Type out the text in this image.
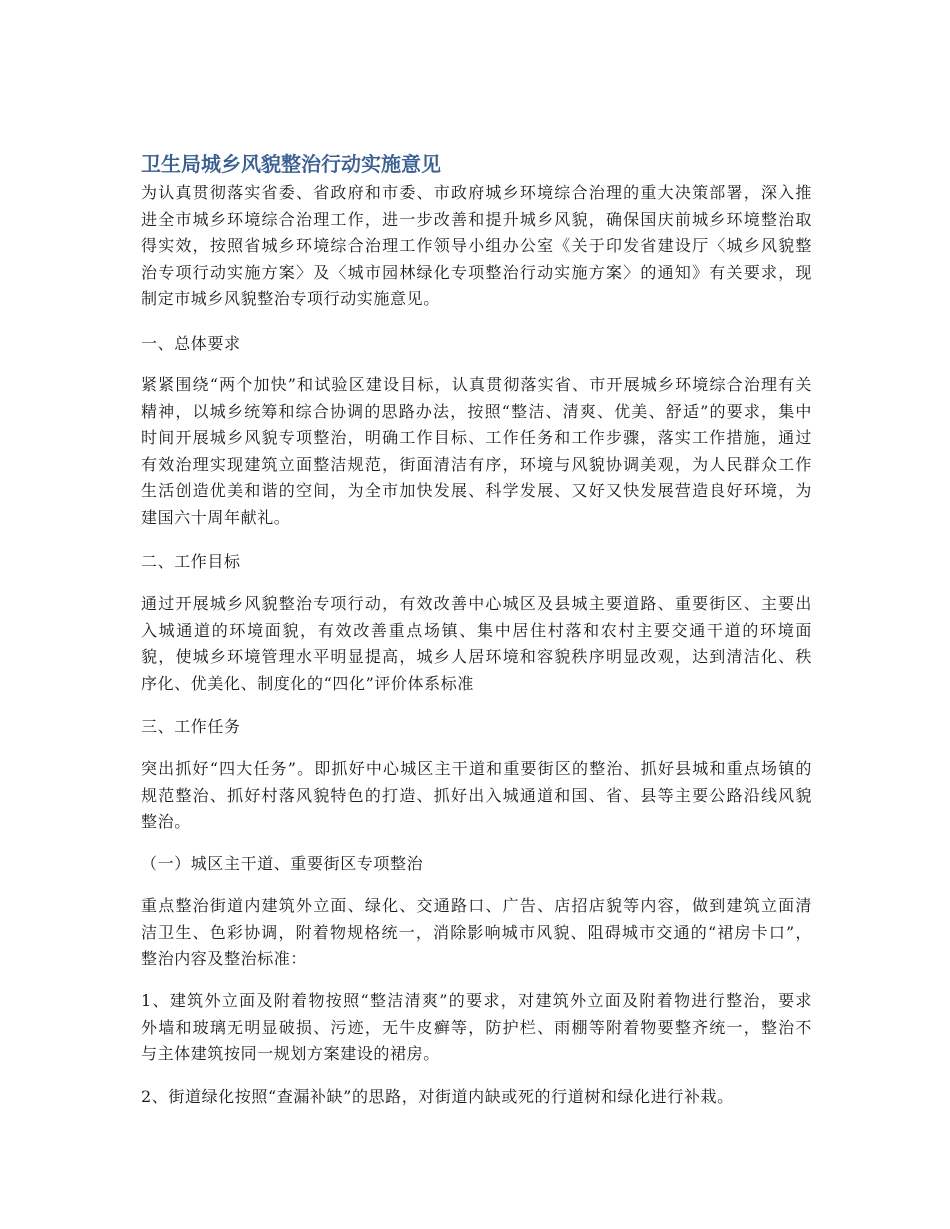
卫生局城乡风貌整治行动实施意见

为认真贯彻落实省委、省政府和市委、市政府城乡环境综合治理的重大决策部署，深入推
进全市城乡环境综合治理工作，进一步改善和提升城乡风貌，确保国庆前城乡环境整治取
得实效，按照省城乡环境综合治理工作领导小组办公室《关于印发省建设厅〈城乡风貌整
治专项行动实施方案〉及〈城市园林绿化专项整治行动实施方案〉的通知》有关要求，现
制定市城乡风貌整治专项行动实施意见。

一、总体要求

紧紧围绕“两个加快”和试验区建设目标，认真贯彻落实省、市开展城乡环境综合治理有关
精神，以城乡统筹和综合协调的思路办法，按照“整洁、清爽、优美、舒适”的要求，集中
时间开展城乡风貌专项整治，明确工作目标、工作任务和工作步骤，落实工作措施，通过
有效治理实现建筑立面整洁规范，街面清洁有序，环境与风貌协调美观，为人民群众工作
生活创造优美和谐的空间，为全市加快发展、科学发展、又好又快发展营造良好环境，为
建国六十周年献礼。

二、工作目标

通过开展城乡风貌整治专项行动，有效改善中心城区及县城主要道路、重要街区、主要出
入城通道的环境面貌，有效改善重点场镇、集中居住村落和农村主要交通干道的环境面
貌，使城乡环境管理水平明显提高，城乡人居环境和容貌秩序明显改观，达到清洁化、秩
序化、优美化、制度化的“四化”评价体系标准

三、工作任务

突出抓好“四大任务”。即抓好中心城区主干道和重要街区的整治、抓好县城和重点场镇的
规范整治、抓好村落风貌特色的打造、抓好出入城通道和国、省、县等主要公路沿线风貌
整治。

（一）城区主干道、重要街区专项整治

重点整治街道内建筑外立面、绿化、交通路口、广告、店招店貌等内容，做到建筑立面清
洁卫生、色彩协调，附着物规格统一，消除影响城市风貌、阻碍城市交通的“裙房卡口”，
整治内容及整治标准：

1、建筑外立面及附着物按照“整洁清爽”的要求，对建筑外立面及附着物进行整治，要求
外墙和玻璃无明显破损、污迹，无牛皮癣等，防护栏、雨棚等附着物要整齐统一，整治不
与主体建筑按同一规划方案建设的裙房。

2、街道绿化按照“查漏补缺”的思路，对街道内缺或死的行道树和绿化进行补栽。
